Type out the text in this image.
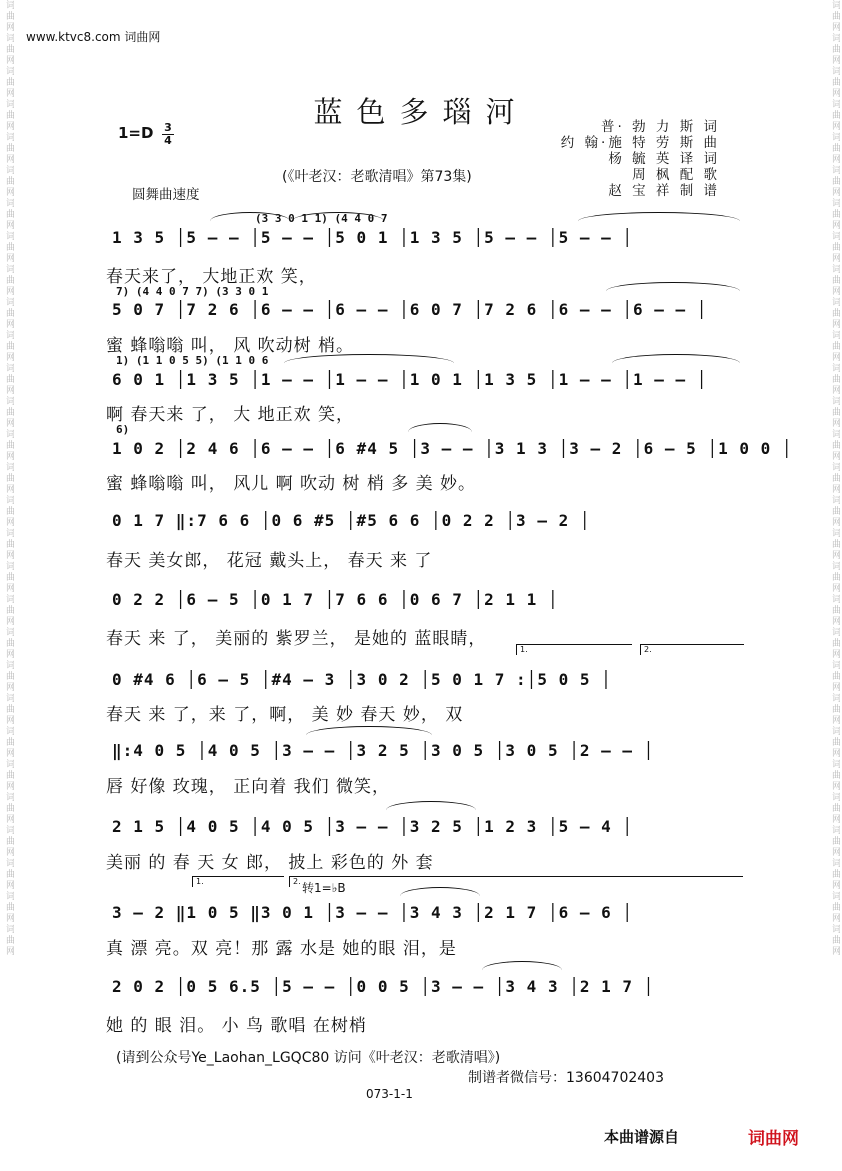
词曲网词曲网词曲网词曲网词曲网词曲网词曲网词曲网词曲网词曲网词曲网词曲网词曲网词曲网词曲网词曲网词曲网词曲网词曲网词曲网词曲网词曲网词曲网词曲网词曲网词曲网词曲网词曲网词曲网	词曲网词曲网词曲网词曲网词曲网词曲网词曲网词曲网词曲网词曲网词曲网词曲网词曲网词曲网词曲网词曲网词曲网词曲网词曲网词曲网词曲网词曲网词曲网词曲网词曲网词曲网词曲网词曲网词曲网
www.ktvc8.com 词曲网
蓝色多瑙河
1=D 3
4
普· 勃 力 斯 词
约 翰·施 特 劳 斯 曲
杨 毓 英 译 词
周 枫 配 歌
赵 宝 祥 制 谱
(《叶老汉：老歌清唱》第73集)
圆舞曲速度
1 3 5 │5 – – │5 – – │5 0 1 │1 3 5 │5 – – │5 – – │
春天来了， 大地正欢 笑，
(3 3 0 1 1) (4 4 0 7
5 0 7 │7 2 6 │6 – – │6 – – │6 0 7 │7 2 6 │6 – – │6 – – │
蜜 蜂嗡嗡 叫， 风 吹动树 梢。
7) (4 4 0 7 7) (3 3 0 1
6 0 1 │1 3 5 │1 – – │1 – – │1 0 1 │1 3 5 │1 – – │1 – – │
啊 春天来 了， 大 地正欢 笑，
1) (1 1 0 5 5) (1 1 0 6
1 0 2 │2 4 6 │6 – – │6 #4 5 │3 – – │3 1 3 │3 – 2 │6 – 5 │1 0 0 │
蜜 蜂嗡嗡 叫， 风儿 啊 吹动 树 梢 多 美 妙。
6)
0 1 7 ‖:7 6 6 │0 6 #5 │#5 6 6 │0 2 2 │3 – 2 │
春天 美女郎， 花冠 戴头上， 春天 来 了
0 2 2 │6 – 5 │0 1 7 │7 6 6 │0 6 7 │2 1 1 │
春天 来 了， 美丽的 紫罗兰， 是她的 蓝眼睛，
0 #4 6 │6 – 5 │#4 – 3 │3 0 2 │5 0 1 7 :│5 0 5 │
春天 来 了，来 了，啊， 美 妙 春天 妙， 双
1.	2.
‖:4 0 5 │4 0 5 │3 – – │3 2 5 │3 0 5 │3 0 5 │2 – – │
唇 好像 玫瑰， 正向着 我们 微笑，
2 1 5 │4 0 5 │4 0 5 │3 – – │3 2 5 │1 2 3 │5 – 4 │
美丽 的 春 天 女 郎， 披上 彩色的 外 套
1.	2. 转1=♭B
3 – 2 ‖1 0 5 ‖3 0 1 │3 – – │3 4 3 │2 1 7 │6 – 6 │
真 漂 亮。双 亮！那 露 水是 她的眼 泪，是
2 0 2 │0 5 6.5 │5 – – │0 0 5 │3 – – │3 4 3 │2 1 7 │
她 的 眼 泪。 小 鸟 歌唱 在树梢
(请到公众号Ye_Laohan_LGQC80 访问《叶老汉：老歌清唱》)
制谱者微信号：13604702403
073-1-1
本曲谱源自	词曲网
